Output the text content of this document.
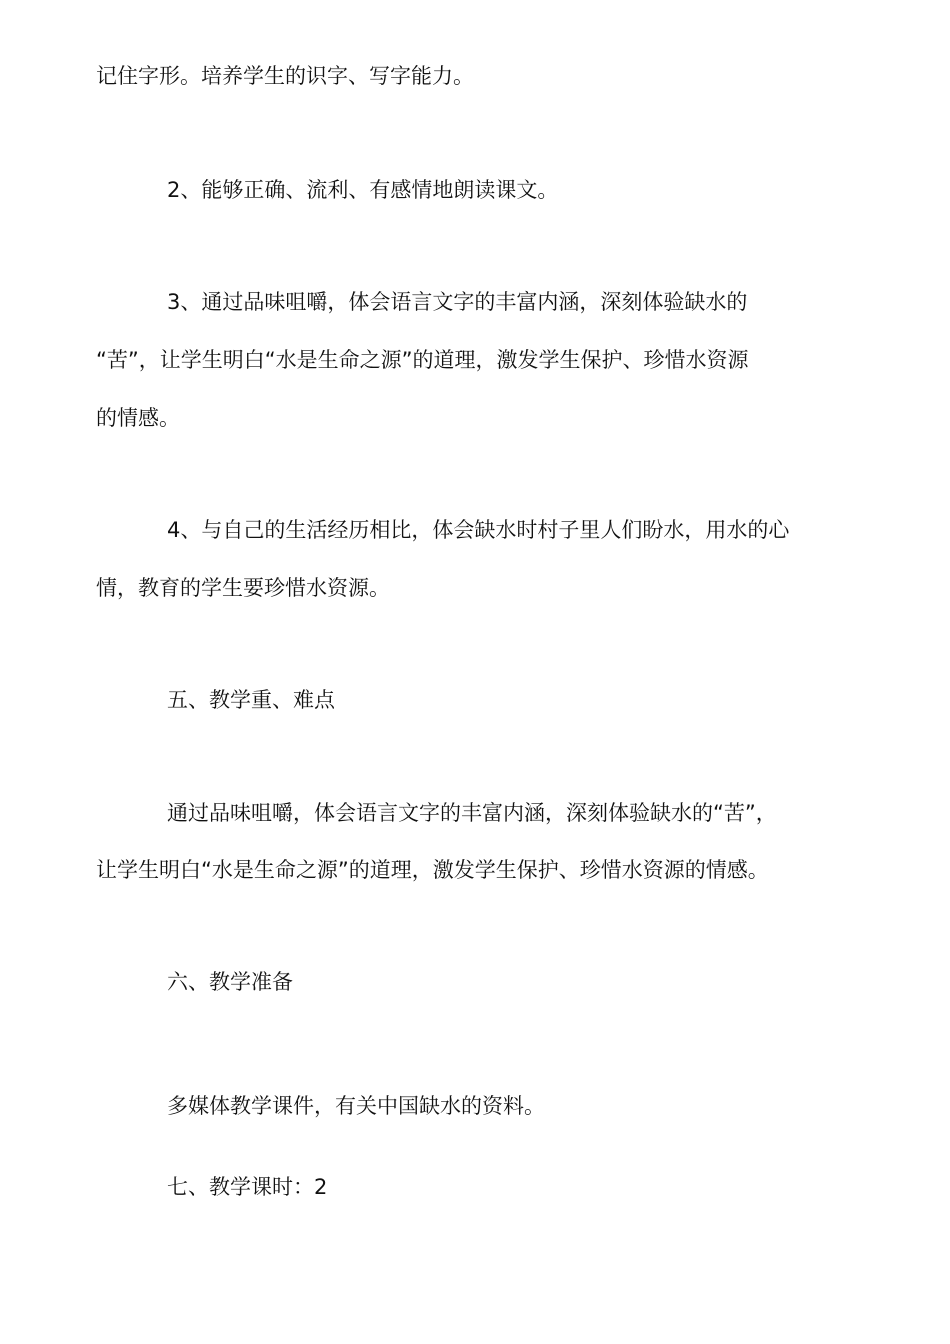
记住字形。培养学生的识字、写字能力。
2、能够正确、流利、有感情地朗读课文。
3、通过品味咀嚼，体会语言文字的丰富内涵，深刻体验缺水的
“苦”，让学生明白“水是生命之源”的道理，激发学生保护、珍惜水资源
的情感。
4、与自己的生活经历相比，体会缺水时村子里人们盼水，用水的心
情，教育的学生要珍惜水资源。
五、教学重、难点
通过品味咀嚼，体会语言文字的丰富内涵，深刻体验缺水的“苦”，
让学生明白“水是生命之源”的道理，激发学生保护、珍惜水资源的情感。
六、教学准备
多媒体教学课件，有关中国缺水的资料。
七、教学课时：2
